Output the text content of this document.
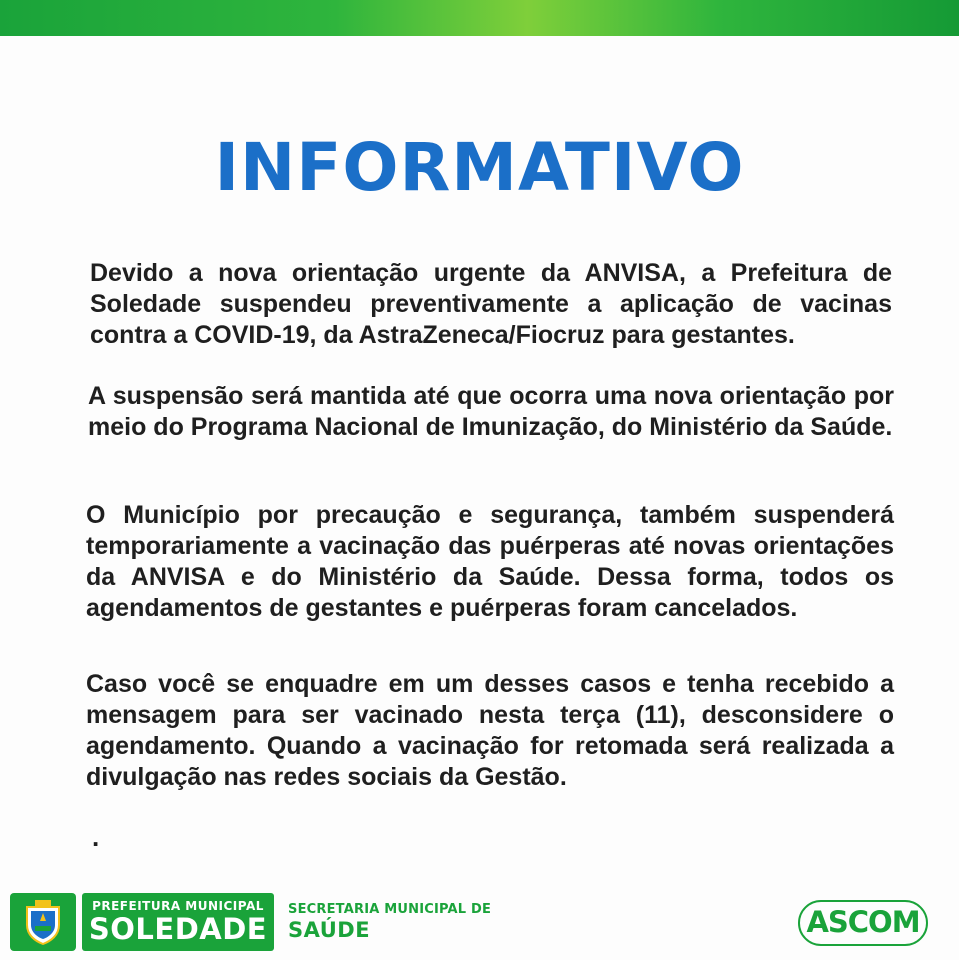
INFORMATIVO

Devido a nova orientação urgente da ANVISA, a Prefeitura de Soledade suspendeu preventivamente a aplicação de vacinas contra a COVID-19, da AstraZeneca/Fiocruz para gestantes.

A suspensão será mantida até que ocorra uma nova orientação por meio do Programa Nacional de Imunização, do Ministério da Saúde.

O Município por precaução e segurança, também suspenderá temporariamente a vacinação das puérperas até novas orientações da ANVISA e do Ministério da Saúde. Dessa forma, todos os agendamentos de gestantes e puérperas foram cancelados.

Caso você se enquadre em um desses casos e tenha recebido a mensagem para ser vacinado nesta terça (11), desconsidere o agendamento. Quando a vacinação for retomada será realizada a divulgação nas redes sociais da Gestão.

.
PREFEITURA MUNICIPAL
SOLEDADE
SECRETARIA MUNICIPAL DE
SAÚDE	ASCOM
